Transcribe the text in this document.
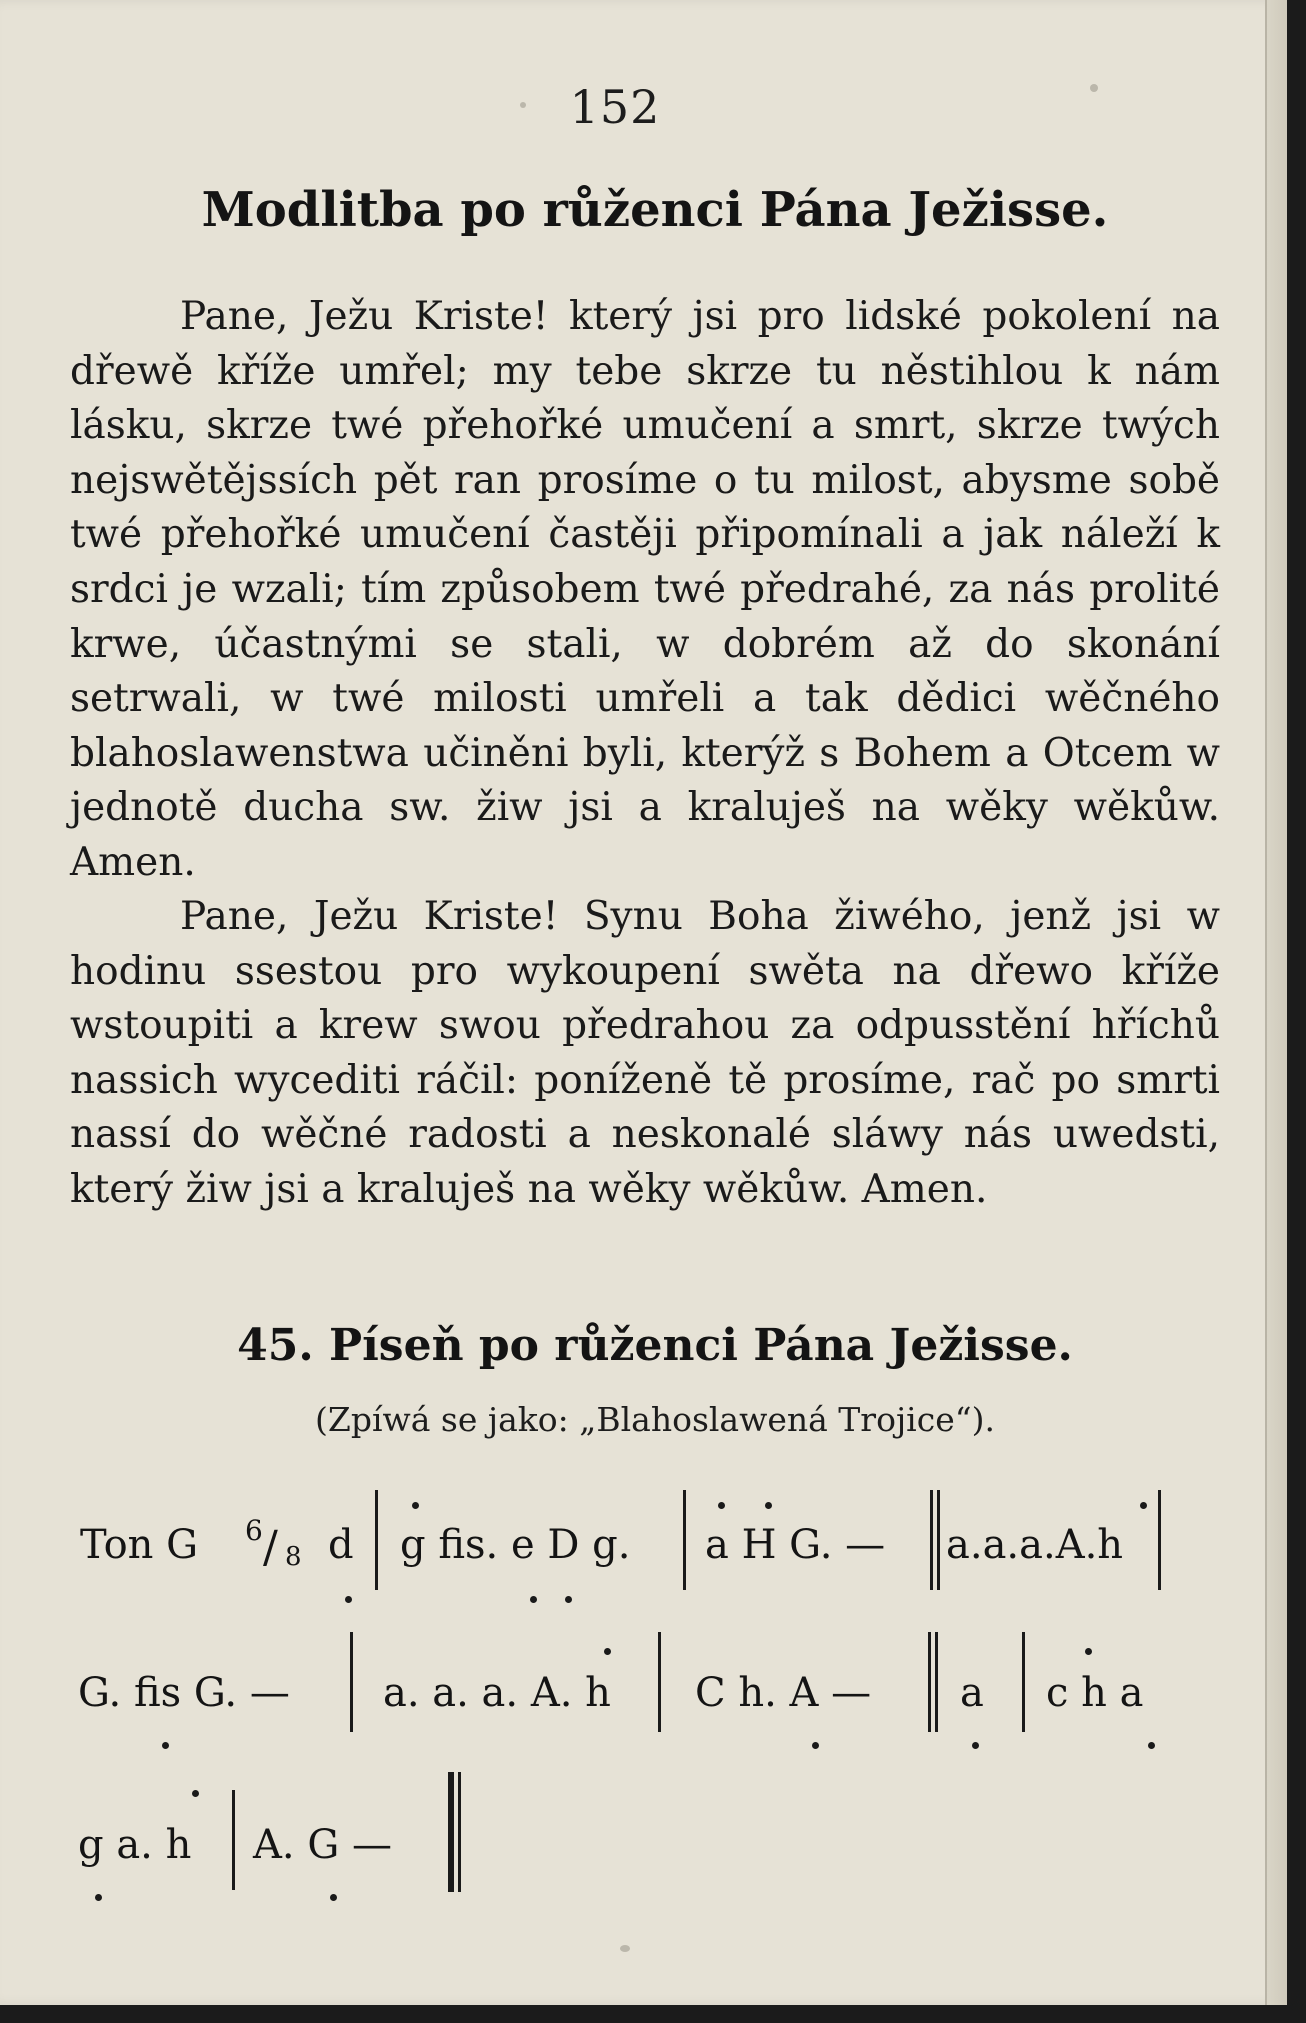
152
Modlitba po růženci Pána Ježisse.

Pane, Ježu Kriste! který jsi pro lidské pokolení na dřewě kříže umřel; my tebe skrze tu něstihlou k nám lásku, skrze twé přehořké umučení a smrt, skrze twých nejswětějssích pět ran prosíme o tu milost, abysme sobě twé přehořké umučení častěji připomínali a jak náleží k srdci je wzali; tím způsobem twé předrahé, za nás prolité krwe, účastnými se stali, w dobrém až do skonání setrwali, w twé milosti umřeli a tak dědici wěčného blahoslawenstwa učiněni byli, kterýž s Bohem a Otcem w jednotě ducha sw. žiw jsi a kraluješ na wěky wěkůw. Amen.

Pane, Ježu Kriste! Synu Boha žiwého, jenž jsi w hodinu ssestou pro wykoupení swěta na dřewo kříže wstoupiti a krew swou předrahou za odpusstění hříchů nassich wycediti ráčil: poníženě tě prosíme, rač po smrti nassí do wěčné radosti a neskonalé sláwy nás uwedsti, který žiw jsi a kraluješ na wěky wěkůw. Amen.

45. Píseň po růženci Pána Ježisse.
(Zpíwá se jako: „Blahoslawená Trojice“).
Ton G 6 / 8 d g fis. e D g. a H G. — a.a.a.A.h
G. fis G. — a. a. a. A. h C h. A — a c h a
g a. h A. G —
